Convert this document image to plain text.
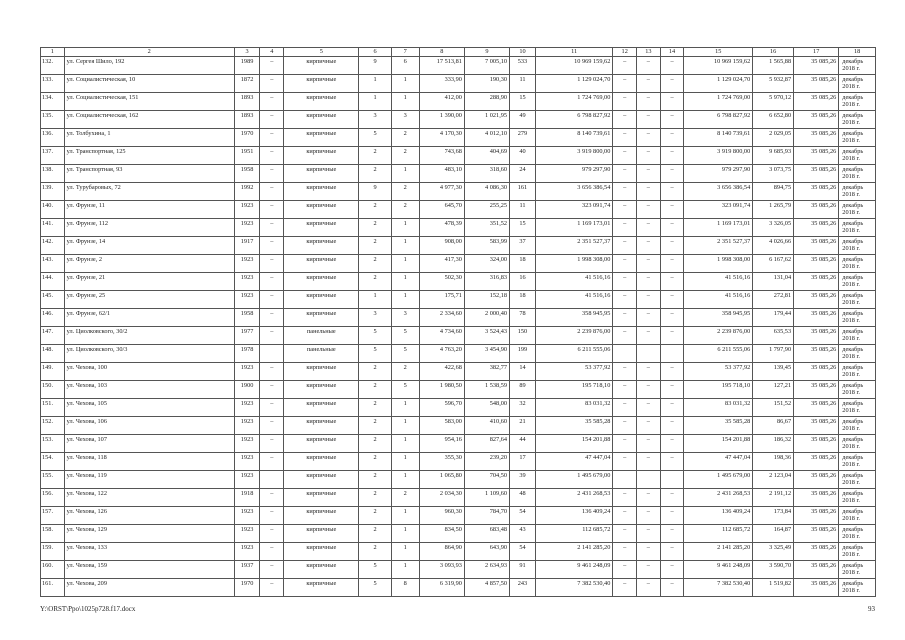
1	2	3	4	5	6	7	8	9	10	11	12	13	14	15	16	17	18
132.	ул. Сергея Шило, 192	1989	–	кирпичные	9	6	17 513,81	7 005,10	533	10 969 159,62	–	–	–	10 969 159,62	1 565,88	35 085,26	декабрь 2018 г.
133.	ул. Социалистическая, 10	1872	–	кирпичные	1	1	333,90	190,30	11	1 129 024,70	–	–	–	1 129 024,70	5 932,87	35 085,26	декабрь 2018 г.
134.	ул. Социалистическая, 151	1893	–	кирпичные	1	1	412,00	288,90	15	1 724 769,00	–	–	–	1 724 769,00	5 970,12	35 085,26	декабрь 2018 г.
135.	ул. Социалистическая, 162	1893	–	кирпичные	3	3	1 390,00	1 021,95	49	6 798 827,92	–	–	–	6 798 827,92	6 652,80	35 085,26	декабрь 2018 г.
136.	ул. Толбухина, 1	1970	–	кирпичные	5	2	4 170,30	4 012,10	279	8 140 739,61	–	–	–	8 140 739,61	2 029,05	35 085,26	декабрь 2018 г.
137.	ул. Транспортная, 125	1951	–	кирпичные	2	2	743,68	404,69	40	3 919 800,00	–	–	–	3 919 800,00	9 685,93	35 085,26	декабрь 2018 г.
138.	ул. Транспортная, 93	1958	–	кирпичные	2	1	483,10	318,60	24	979 297,90	–	–	–	979 297,90	3 073,75	35 085,26	декабрь 2018 г.
139.	ул. Турубаровых, 72	1992	–	кирпичные	9	2	4 977,30	4 086,30	161	3 656 386,54	–	–	–	3 656 386,54	894,75	35 085,26	декабрь 2018 г.
140.	ул. Фрунзе, 11	1923	–	кирпичные	2	2	645,70	255,25	11	323 091,74	–	–	–	323 091,74	1 265,79	35 085,26	декабрь 2018 г.
141.	ул. Фрунзе, 112	1923	–	кирпичные	2	1	478,39	351,52	15	1 169 173,01	–	–	–	1 169 173,01	3 326,05	35 085,26	декабрь 2018 г.
142.	ул. Фрунзе, 14	1917	–	кирпичные	2	1	908,00	583,99	37	2 351 527,37	–	–	–	2 351 527,37	4 026,66	35 085,26	декабрь 2018 г.
143.	ул. Фрунзе, 2	1923	–	кирпичные	2	1	417,30	324,00	18	1 998 308,00	–	–	–	1 998 308,00	6 167,62	35 085,26	декабрь 2018 г.
144.	ул. Фрунзе, 21	1923	–	кирпичные	2	1	502,30	316,83	16	41 516,16	–	–	–	41 516,16	131,04	35 085,26	декабрь 2018 г.
145.	ул. Фрунзе, 25	1923	–	кирпичные	1	1	175,71	152,18	18	41 516,16	–	–	–	41 516,16	272,81	35 085,26	декабрь 2018 г.
146.	ул. Фрунзе, 62/1	1958	–	кирпичные	3	3	2 334,60	2 000,40	78	358 945,95	–	–	–	358 945,95	179,44	35 085,26	декабрь 2018 г.
147.	ул. Циолковского, 30/2	1977	–	панельные	5	5	4 734,60	3 524,43	150	2 239 876,00	–	–	–	2 239 876,00	635,53	35 085,26	декабрь 2018 г.
148.	ул. Циолковского, 30/3	1978		панельные	5	5	4 763,20	3 454,90	199	6 211 555,06				6 211 555,06	1 797,90	35 085,26	декабрь 2018 г.
149.	ул. Чехова, 100	1923	–	кирпичные	2	2	422,68	382,77	14	53 377,92	–	–	–	53 377,92	139,45	35 085,26	декабрь 2018 г.
150.	ул. Чехова, 103	1900	–	кирпичные	2	5	1 980,50	1 538,59	89	195 718,10	–	–	–	195 718,10	127,21	35 085,26	декабрь 2018 г.
151.	ул. Чехова, 105	1923	–	кирпичные	2	1	596,70	548,00	32	83 031,32	–	–	–	83 031,32	151,52	35 085,26	декабрь 2018 г.
152.	ул. Чехова, 106	1923	–	кирпичные	2	1	583,00	410,60	21	35 585,28	–	–	–	35 585,28	86,67	35 085,26	декабрь 2018 г.
153.	ул. Чехова, 107	1923	–	кирпичные	2	1	954,16	827,64	44	154 201,88	–	–	–	154 201,88	186,32	35 085,26	декабрь 2018 г.
154.	ул. Чехова, 118	1923	–	кирпичные	2	1	355,30	239,20	17	47 447,04	–	–	–	47 447,04	198,36	35 085,26	декабрь 2018 г.
155.	ул. Чехова, 119	1923		кирпичные	2	1	1 065,80	704,50	39	1 495 679,00				1 495 679,00	2 123,04	35 085,26	декабрь 2018 г.
156.	ул. Чехова, 122	1918	–	кирпичные	2	2	2 034,30	1 109,60	48	2 431 268,53	–	–	–	2 431 268,53	2 191,12	35 085,26	декабрь 2018 г.
157.	ул. Чехова, 126	1923	–	кирпичные	2	1	960,30	784,70	54	136 409,24	–	–	–	136 409,24	173,84	35 085,26	декабрь 2018 г.
158.	ул. Чехова, 129	1923	–	кирпичные	2	1	834,50	683,48	43	112 685,72	–	–	–	112 685,72	164,87	35 085,26	декабрь 2018 г.
159.	ул. Чехова, 133	1923	–	кирпичные	2	1	864,90	643,90	54	2 141 285,20	–	–	–	2 141 285,20	3 325,49	35 085,26	декабрь 2018 г.
160.	ул. Чехова, 159	1937	–	кирпичные	5	1	3 093,93	2 634,93	91	9 461 248,09	–	–	–	9 461 248,09	3 590,70	35 085,26	декабрь 2018 г.
161.	ул. Чехова, 209	1970	–	кирпичные	5	8	6 319,90	4 857,50	243	7 382 530,40	–	–	–	7 382 530,40	1 519,82	35 085,26	декабрь 2018 г.
Y:\ORST\Ppo\1025p728.f17.docx	93
